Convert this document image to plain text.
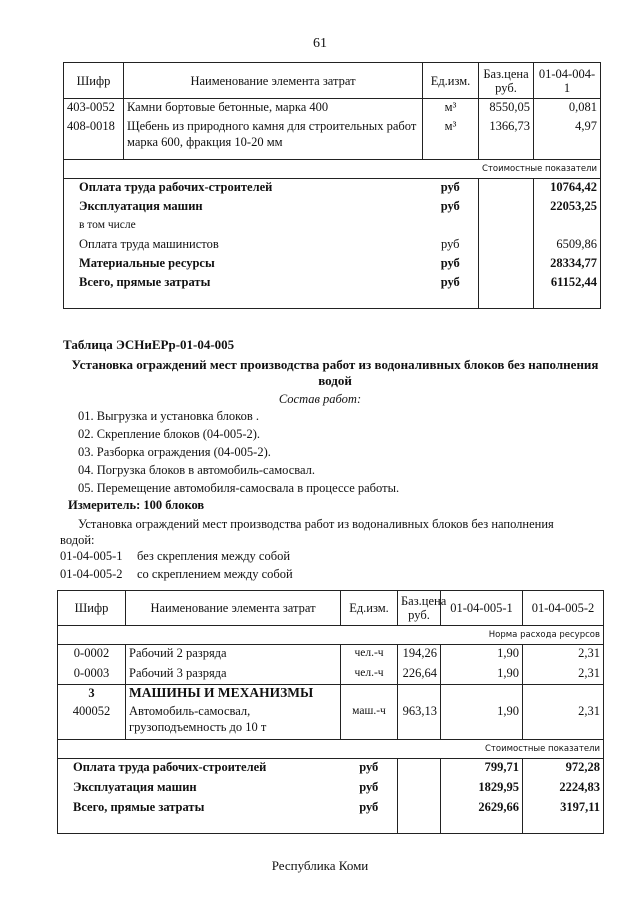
61
Шифр	Наименование элемента затрат	Ед.изм.	Баз.цена руб.	01-04-004-1
403-0052	Камни бортовые бетонные, марка 400	м³	8550,05	0,081
408-0018	Щебень из природного камня для строительных работ марка 600, фракция 10-20 мм	м³	1366,73	4,97

Стоимостные показатели				
Оплата труда рабочих-строителей		руб		10764,42
Эксплуатация машин		руб		22053,25
в том числе				
Оплата труда машинистов		руб		6509,86
Материальные ресурсы		руб		28334,77
Всего, прямые затраты		руб		61152,44

Таблица ЭСНиЕРр-01-04-005

Установка ограждений мест производства работ из водоналивных блоков без наполнения водой

Состав работ:

01. Выгрузка и установка блоков .

02. Скрепление блоков (04-005-2).

03. Разборка ограждения (04-005-2).

04. Погрузка блоков в автомобиль-самосвал.

05. Перемещение автомобиля-самосвала в процессе работы.

Измеритель: 100 блоков

Установка ограждений мест производства работ из водоналивных блоков без наполнения водой:

01-04-005-1 без скрепления между собой

01-04-005-2 со скреплением между собой

Шифр	Наименование элемента затрат	Ед.изм.	Баз.цена руб.	01-04-005-1	01-04-005-2
Норма расхода ресурсов					
0-0002	Рабочий 2 разряда	чел.-ч	194,26	1,90	2,31
0-0003	Рабочий 3 разряда	чел.-ч	226,64	1,90	2,31
3	МАШИНЫ И МЕХАНИЗМЫ				
400052	Автомобиль-самосвал, грузоподъемность до 10 т	маш.-ч	963,13	1,90	2,31
Стоимостные показатели					
Оплата труда рабочих-строителей		руб		799,71	972,28
Эксплуатация машин		руб		1829,95	2224,83
Всего, прямые затраты		руб		2629,66	3197,11

Республика Коми
